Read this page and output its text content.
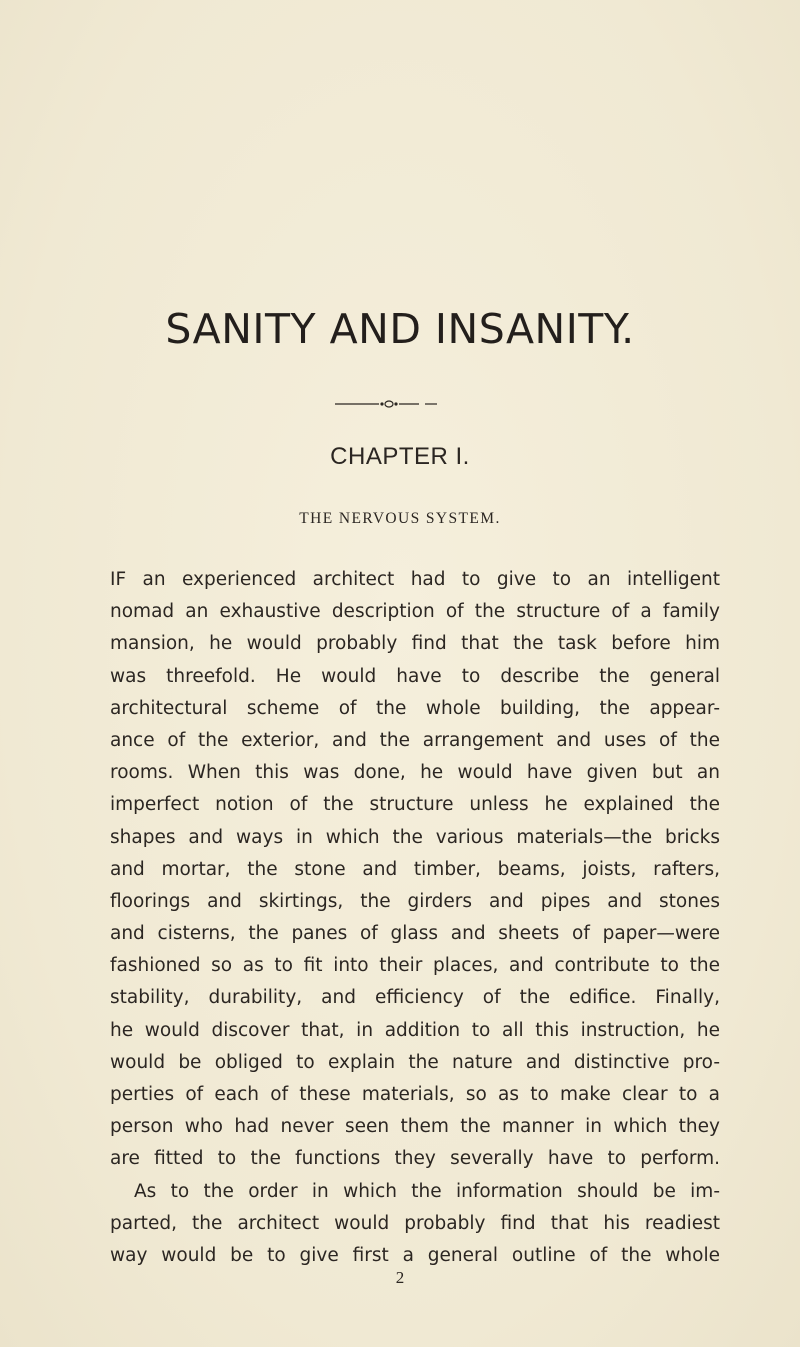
SANITY AND INSANITY.
CHAPTER I.
THE NERVOUS SYSTEM.
IF an experienced architect had to give to an intelligent
nomad an exhaustive description of the structure of a family
mansion, he would probably find that the task before him
was threefold. He would have to describe the general
architectural scheme of the whole building, the appear-
ance of the exterior, and the arrangement and uses of the
rooms. When this was done, he would have given but an
imperfect notion of the structure unless he explained the
shapes and ways in which the various materials—the bricks
and mortar, the stone and timber, beams, joists, rafters,
floorings and skirtings, the girders and pipes and stones
and cisterns, the panes of glass and sheets of paper—were
fashioned so as to fit into their places, and contribute to the
stability, durability, and efficiency of the edifice. Finally,
he would discover that, in addition to all this instruction, he
would be obliged to explain the nature and distinctive pro-
perties of each of these materials, so as to make clear to a
person who had never seen them the manner in which they
are fitted to the functions they severally have to perform.
As to the order in which the information should be im-
parted, the architect would probably find that his readiest
way would be to give first a general outline of the whole
2
